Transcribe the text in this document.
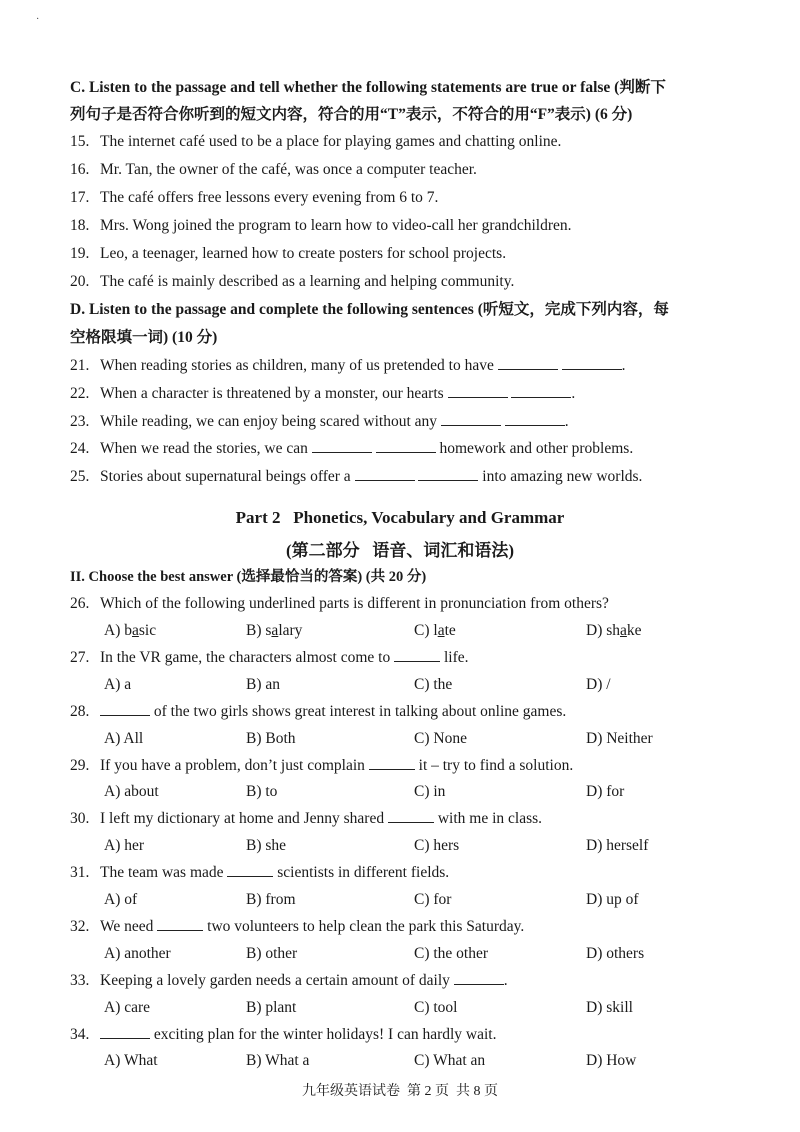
·
C. Listen to the passage and tell whether the following statements are true or false (判断下
列句子是否符合你听到的短文内容，符合的用“T”表示，不符合的用“F”表示) (6 分)
15. The internet café used to be a place for playing games and chatting online.
16. Mr. Tan, the owner of the café, was once a computer teacher.
17. The café offers free lessons every evening from 6 to 7.
18. Mrs. Wong joined the program to learn how to video-call her grandchildren.
19. Leo, a teenager, learned how to create posters for school projects.
20. The café is mainly described as a learning and helping community.
D. Listen to the passage and complete the following sentences (听短文，完成下列内容，每
空格限填一词) (10 分)
21. When reading stories as children, many of us pretended to have	.
22. When a character is threatened by a monster, our hearts	.
23. While reading, we can enjoy being scared without any	.
24. When we read the stories, we can	homework and other problems.
25. Stories about supernatural beings offer a	into amazing new worlds.
Part 2   Phonetics, Vocabulary and Grammar
(第二部分   语音、词汇和语法)
II. Choose the best answer (选择最恰当的答案) (共 20 分)
26. Which of the following underlined parts is different in pronunciation from others?
A) basic	B) salary	C) late	D) shake
27. In the VR game, the characters almost come to	life.
A) a	B) an	C) the	D) /
28.	of the two girls shows great interest in talking about online games.
A) All	B) Both	C) None	D) Neither
29. If you have a problem, don’t just complain	it – try to find a solution.
A) about	B) to	C) in	D) for
30. I left my dictionary at home and Jenny shared	with me in class.
A) her	B) she	C) hers	D) herself
31. The team was made	scientists in different fields.
A) of	B) from	C) for	D) up of
32. We need	two volunteers to help clean the park this Saturday.
A) another	B) other	C) the other	D) others
33. Keeping a lovely garden needs a certain amount of daily	.
A) care	B) plant	C) tool	D) skill
34.	exciting plan for the winter holidays! I can hardly wait.
A) What	B) What a	C) What an	D) How
九年级英语试卷  第 2 页  共 8 页
